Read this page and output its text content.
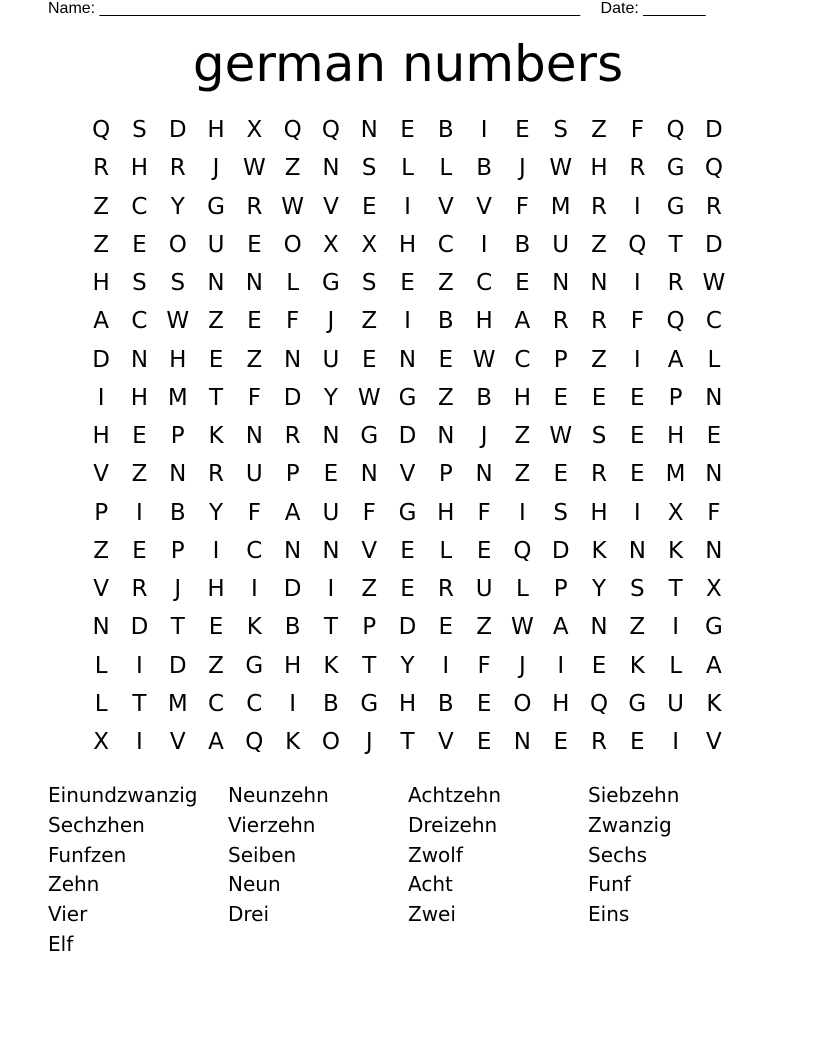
Name: ______________________________________________________ Date: _______
german numbers
Q S D H X Q Q N E	B	I	E	S	Z	F Q D
R H R	J	W Z N S	L	L	B	J	W H R G Q
Z C	Y G R W V	E	I	V V	F M R	I	G R
Z	E O U E O X X H C	I	B U Z Q T D
H S	S N N	L G S	E	Z C	E N N	I	R W
A C W Z	E	F	J	Z	I	B H A R R	F Q C
D N H E	Z N U E N E W C	P	Z	I	A	L
I	H M T	F D Y W G Z B H E	E	E	P N
H E	P	K N R N G D N	J	Z W S	E H E
V Z N R U P	E N V	P N Z	E	R	E M N
P	I	B	Y	F	A U	F G H	F	I	S H	I	X	F
Z	E	P	I	C N N V	E	L	E Q D K N K N
V R	J	H	I	D	I	Z	E	R U	L	P	Y	S	T	X
N D T	E	K B	T	P D E	Z W A N Z	I	G
L	I	D Z G H K	T	Y	I	F	J	I	E	K	L	A
L	T M C C	I	B G H B	E O H Q G U K
X	I	V A Q K O	J	T	V	E N E	R	E	I	V
Einundzwanzig	Neunzehn	Achtzehn	Siebzehn
Sechzhen	Vierzehn	Dreizehn	Zwanzig
Funfzen	Seiben	Zwolf	Sechs
Zehn	Neun	Acht	Funf
Vier	Drei	Zwei	Eins
Elf
